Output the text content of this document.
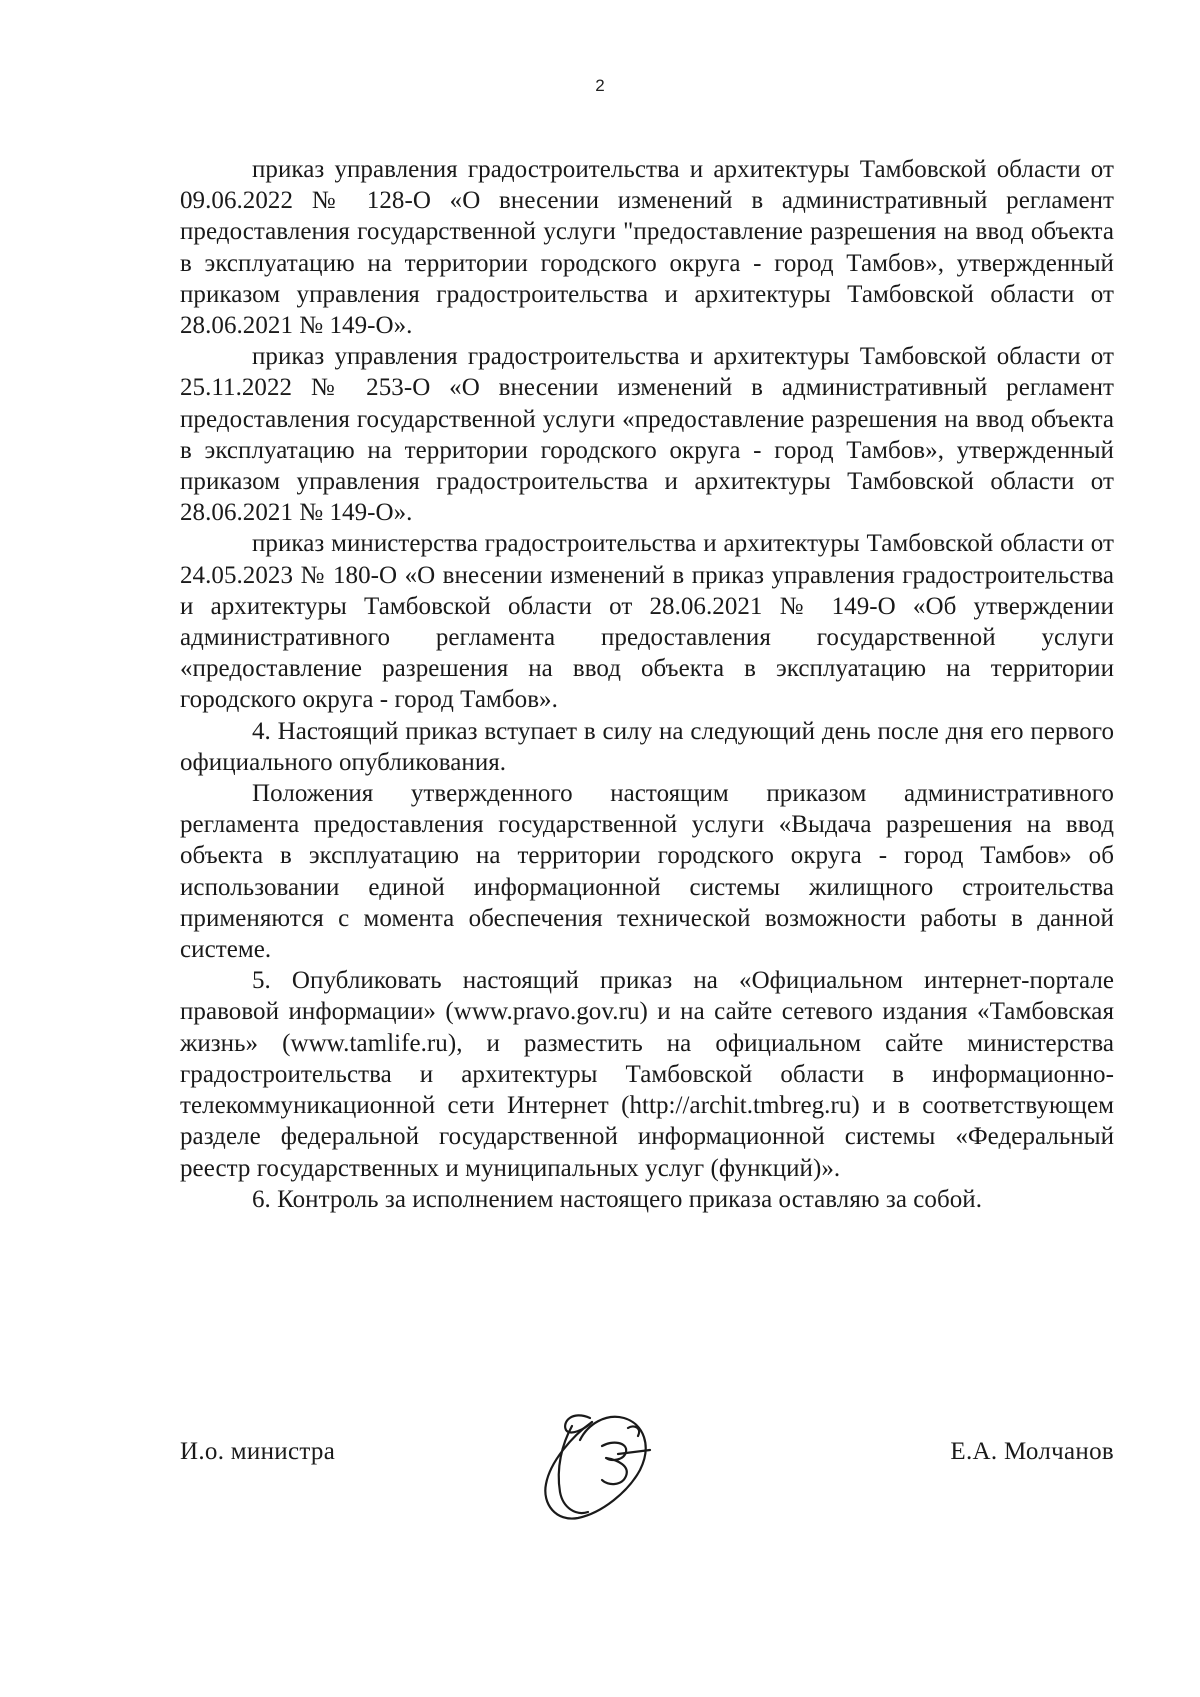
2

приказ управления градостроительства и архитектуры Тамбовской области от 09.06.2022 № 128-О «О внесении изменений в административный регламент предоставления государственной услуги "предоставление разрешения на ввод объекта в эксплуатацию на территории городского округа - город Тамбов», утвержденный приказом управления градостроительства и архитектуры Тамбовской области от 28.06.2021 № 149-О».

приказ управления градостроительства и архитектуры Тамбовской области от 25.11.2022 № 253-О «О внесении изменений в административный регламент предоставления государственной услуги «предоставление разрешения на ввод объекта в эксплуатацию на территории городского округа - город Тамбов», утвержденный приказом управления градостроительства и архитектуры Тамбовской области от 28.06.2021 № 149-О».

приказ министерства градостроительства и архитектуры Тамбовской области от 24.05.2023 № 180-О «О внесении изменений в приказ управления градостроительства и архитектуры Тамбовской области от 28.06.2021 № 149-О «Об утверждении административного регламента предоставления государственной услуги «предоставление разрешения на ввод объекта в эксплуатацию на территории городского округа - город Тамбов».

4. Настоящий приказ вступает в силу на следующий день после дня его первого официального опубликования.

Положения утвержденного настоящим приказом административного регламента предоставления государственной услуги «Выдача разрешения на ввод объекта в эксплуатацию на территории городского округа - город Тамбов» об использовании единой информационной системы жилищного строительства применяются с момента обеспечения технической возможности работы в данной системе.

5. Опубликовать настоящий приказ на «Официальном интернет-портале правовой информации» (www.pravo.gov.ru) и на сайте сетевого издания «Тамбовская жизнь» (www.tamlife.ru), и разместить на официальном сайте министерства градостроительства и архитектуры Тамбовской области в информационно-телекоммуникационной сети Интернет (http://archit.tmbreg.ru) и в соответствующем разделе федеральной государственной информационной системы «Федеральный реестр государственных и муниципальных услуг (функций)».

6. Контроль за исполнением настоящего приказа оставляю за собой.

И.о. министра	Е.А. Молчанов
